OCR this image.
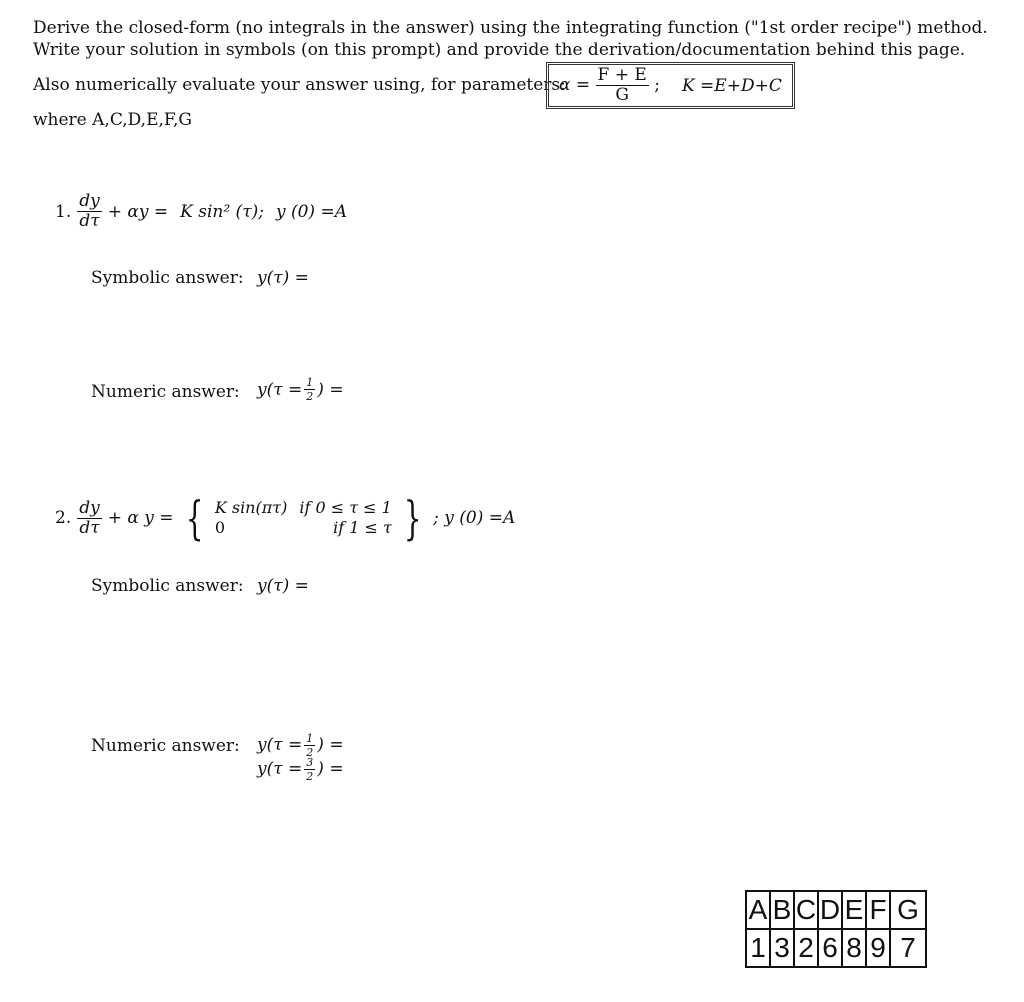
Derive the closed-form (no integrals in the answer) using the integrating function ("1st order recipe") method.
Write your solution in symbols (on this prompt) and provide the derivation/documentation behind this page.
Also numerically evaluate your answer using, for parameters:
$\alpha = \frac{F + E}{G}$ ; K =E+D+C
where A,C,D,E,F,G
1. $\frac{dy}{d\tau} + \alpha y = K$ sin² (τ); y (0) =A
Symbolic answer: y(τ) =
Numeric answer: $y(\tau = \frac{1}{2}$ ) =
2. $\frac{dy}{d\tau} + \alpha$ y = { K sin(πτ) if 0 ≤ τ ≤ 1
0	if 1 ≤ τ } ; y (0) =A
Symbolic answer: y(τ) =
Numeric answer: $y(\tau = \frac{1}{2}$ ) =
$y(\tau = \frac{3}{2}$ ) =
A	B	C	D	E	F	G
1	3	2	6	8	9	7
